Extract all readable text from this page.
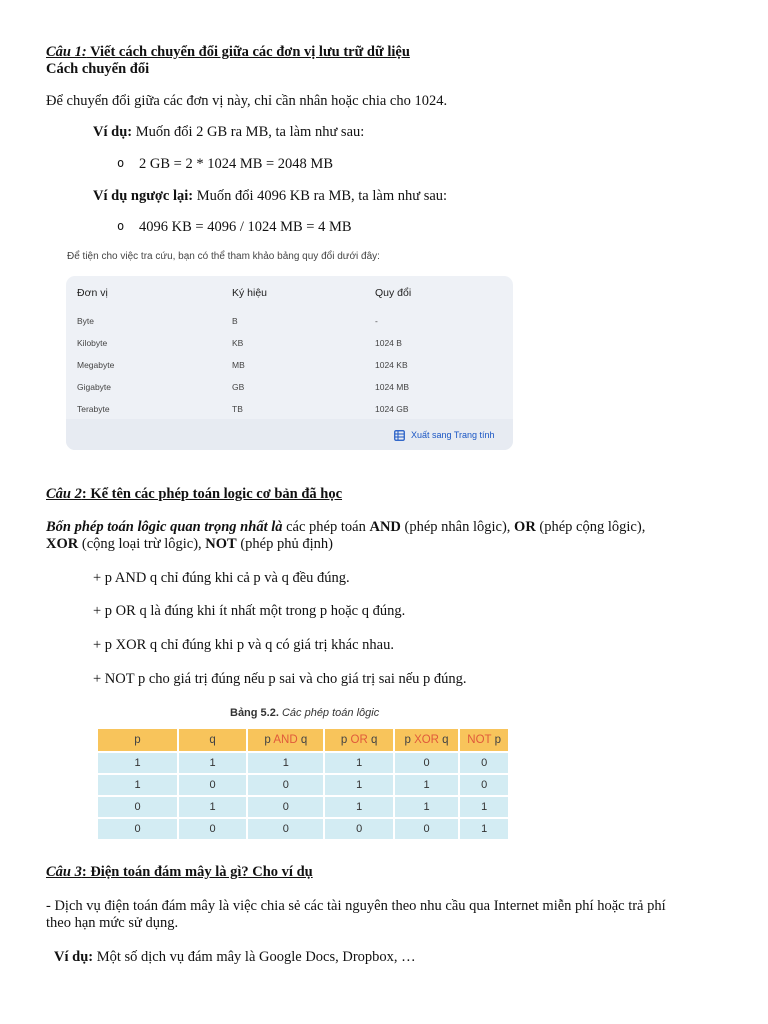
Câu 1: Viết cách chuyển đổi giữa các đơn vị lưu trữ dữ liệu
Cách chuyển đổi
Để chuyển đổi giữa các đơn vị này, chỉ cần nhân hoặc chia cho 1024.
Ví dụ: Muốn đổi 2 GB ra MB, ta làm như sau:
o 2 GB = 2 * 1024 MB = 2048 MB
Ví dụ ngược lại: Muốn đổi 4096 KB ra MB, ta làm như sau:
o 4096 KB = 4096 / 1024 MB = 4 MB
Để tiện cho việc tra cứu, bạn có thể tham khảo bảng quy đổi dưới đây:
Đơn vị	Ký hiệu	Quy đổi
Byte	B	-
Kilobyte	KB	1024 B
Megabyte	MB	1024 KB
Gigabyte	GB	1024 MB
Terabyte	TB	1024 GB
Xuất sang Trang tính
Câu 2: Kể tên các phép toán logic cơ bản đã học
Bốn phép toán lôgic quan trọng nhất là các phép toán AND (phép nhân lôgic), OR (phép cộng lôgic),
XOR (cộng loại trừ lôgic), NOT (phép phủ định)
+ p AND q chỉ đúng khi cả p và q đều đúng.
+ p OR q là đúng khi ít nhất một trong p hoặc q đúng.
+ p XOR q chỉ đúng khi p và q có giá trị khác nhau.
+ NOT p cho giá trị đúng nếu p sai và cho giá trị sai nếu p đúng.
Bảng 5.2. Các phép toán lôgic
p	q	p AND q	p OR q	p XOR q	NOT p
1	1	1	1	0	0
1	0	0	1	1	0
0	1	0	1	1	1
0	0	0	0	0	1
Câu 3: Điện toán đám mây là gì? Cho ví dụ
- Dịch vụ điện toán đám mây là việc chia sẻ các tài nguyên theo nhu cầu qua Internet miễn phí hoặc trả phí
theo hạn mức sử dụng.
Ví dụ: Một số dịch vụ đám mây là Google Docs, Dropbox, …
